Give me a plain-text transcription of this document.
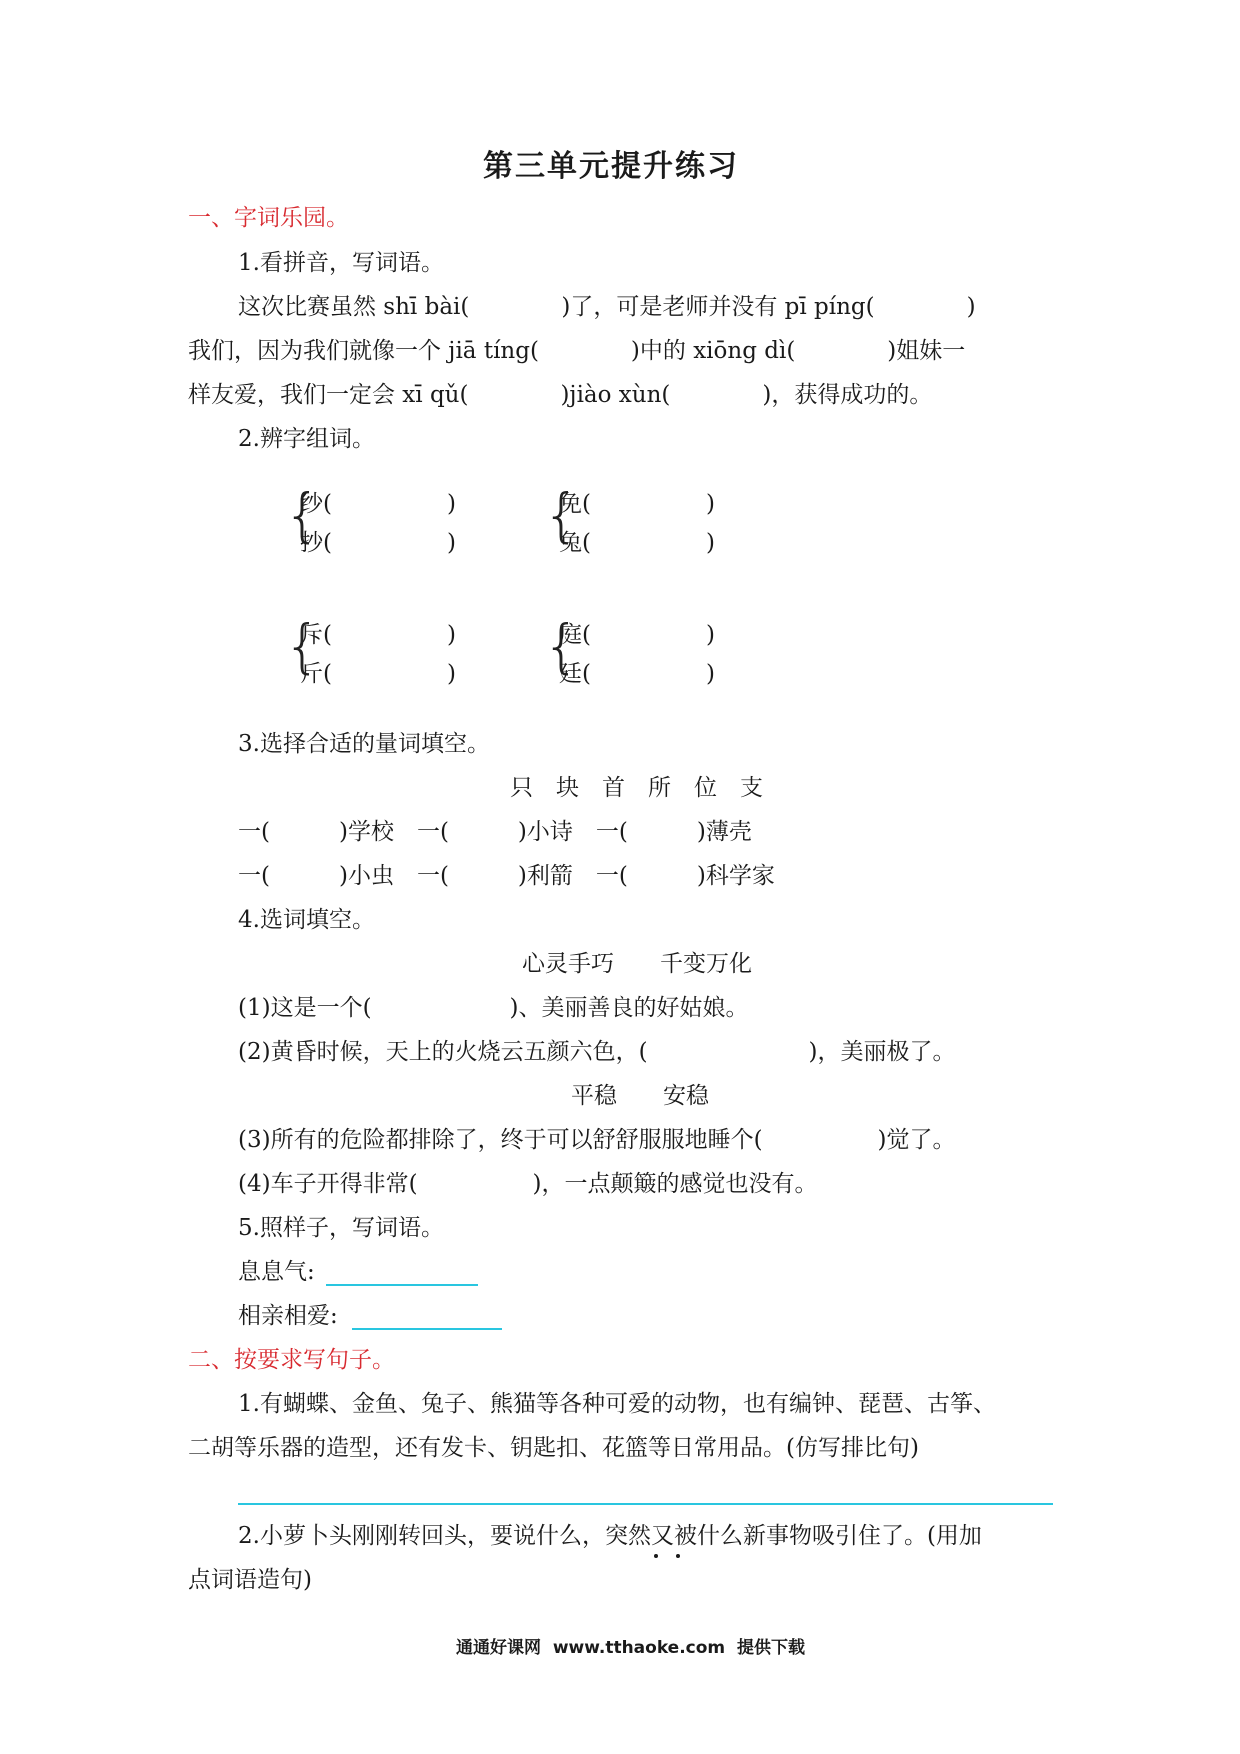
第三单元提升练习
一、字词乐园。
1.看拼音，写词语。
这次比赛虽然 shī bài(　　　　)了，可是老师并没有 pī píng(　　　　)
我们，因为我们就像一个 jiā tíng(　　　　)中的 xiōng dì(　　　　)姐妹一
样友爱，我们一定会 xī qǔ(　　　　)jiào xùn(　　　　)，获得成功的。
2.辨字组词。
{
纱(　　　　　)
抄(　　　　　) {
免(　　　　　)
兔(　　　　　)
{
斥(　　　　　)
斤(　　　　　) {
庭(　　　　　)
廷(　　　　　)
3.选择合适的量词填空。
只　块　首　所　位　支
一(　　　)学校　一(　　　)小诗　一(　　　)薄壳
一(　　　)小虫　一(　　　)利箭　一(　　　)科学家
4.选词填空。
心灵手巧　　千变万化
(1)这是一个(　　　　　　)、美丽善良的好姑娘。
(2)黄昏时候，天上的火烧云五颜六色，(　　　　　　　)，美丽极了。
平稳　　安稳
(3)所有的危险都排除了，终于可以舒舒服服地睡个(　　　　　)觉了。
(4)车子开得非常(　　　　　)，一点颠簸的感觉也没有。
5.照样子，写词语。
息息气:
相亲相爱:
二、按要求写句子。
1.有蝴蝶、金鱼、兔子、熊猫等各种可爱的动物，也有编钟、琵琶、古筝、
二胡等乐器的造型，还有发卡、钥匙扣、花篮等日常用品。(仿写排比句)
2.小萝卜头刚刚转回头，要说什么，突然又被什么新事物吸引住了。(用加
点词语造句)
通通好课网  www.tthaoke.com  提供下载
